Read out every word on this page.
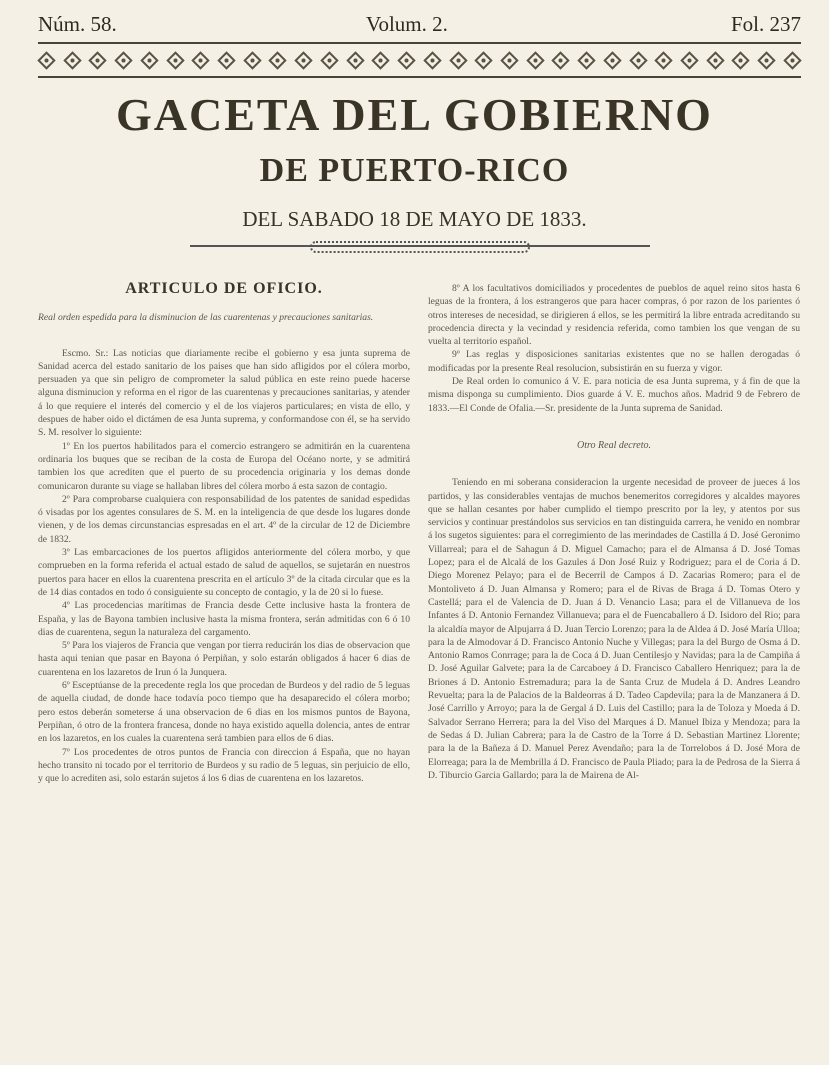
Núm. 58.	Volum. 2.	Fol. 237
GACETA DEL GOBIERNO
DE PUERTO-RICO
DEL SABADO 18 DE MAYO DE 1833.
ARTICULO DE OFICIO.
Real orden espedida para la disminucion de las cuarentenas y precauciones sanitarias.

Escmo. Sr.: Las noticias que diariamente recibe el gobierno y esa junta suprema de Sanidad acerca del estado sanitario de los paises que han sido afligidos por el cólera morbo, persuaden ya que sin peligro de comprometer la salud pública en este reino puede hacerse alguna disminucion y reforma en el rigor de las cuarentenas y precauciones sanitarias, y atender á lo que requiere el interés del comercio y el de los viajeros particulares; en vista de ello, y despues de haber oido el dictámen de esa Junta suprema, y conformandose con él, se ha servido S. M. resolver lo siguiente:

1º En los puertos habilitados para el comercio estrangero se admitirán en la cuarentena ordinaria los buques que se reciban de la costa de Europa del Océano norte, y se admitirá tambien los que acrediten que el puerto de su procedencia originaria y los demas donde comunicaron durante su viage se hallaban libres del cólera morbo á esta sazon de contagio.

2º Para comprobarse cualquiera con responsabilidad de los patentes de sanidad espedidas ó visadas por los agentes consulares de S. M. en la inteligencia de que desde los lugares donde vienen, y de los demas circunstancias espresadas en el art. 4º de la circular de 12 de Diciembre de 1832.

3º Las embarcaciones de los puertos afligidos anteriormente del cólera morbo, y que comprueben en la forma referida el actual estado de salud de aquellos, se sujetarán en nuestros puertos para hacer en ellos la cuarentena prescrita en el artículo 3º de la citada circular que es la de 14 dias contados en todo ó consiguiente su concepto de contagio, y la de 20 si lo fuese.

4º Las procedencias marítimas de Francia desde Cette inclusive hasta la frontera de España, y las de Bayona tambien inclusive hasta la misma frontera, serán admitidas con 6 ó 10 dias de cuarentena, segun la naturaleza del cargamento.

5º Para los viajeros de Francia que vengan por tierra reducirán los dias de observacion que hasta aqui tenian que pasar en Bayona ó Perpiñan, y solo estarán obligados á hacer 6 dias de cuarentena en los lazaretos de Irun ó la Junquera.

6º Esceptúanse de la precedente regla los que procedan de Burdeos y del radio de 5 leguas de aquella ciudad, de donde hace todavía poco tiempo que ha desaparecido el cólera morbo; pero estos deberán someterse á una observacion de 6 dias en los mismos puntos de Bayona, Perpiñan, ó otro de la frontera francesa, donde no haya existido aquella dolencia, antes de entrar en los lazaretos, en los cuales la cuarentena será tambien para ellos de 6 dias.

7º Los procedentes de otros puntos de Francia con direccion á España, que no hayan hecho transito ni tocado por el territorio de Burdeos y su radio de 5 leguas, sin perjuicio de ello, y que lo acrediten asi, solo estarán sujetos á los 6 dias de cuarentena en los lazaretos.

8º A los facultativos domiciliados y procedentes de pueblos de aquel reino sitos hasta 6 leguas de la frontera, á los estrangeros que para hacer compras, ó por razon de los parientes ó otros intereses de necesidad, se dirigieren á ellos, se les permitirá la libre entrada acreditando su procedencia directa y la vecindad y residencia referida, como tambien los que vengan de su vuelta al territorio español.

9º Las reglas y disposiciones sanitarias existentes que no se hallen derogadas ó modificadas por la presente Real resolucion, subsistirán en su fuerza y vigor.

De Real orden lo comunico á V. E. para noticia de esa Junta suprema, y á fin de que la misma disponga su cumplimiento. Dios guarde á V. E. muchos años. Madrid 9 de Febrero de 1833.—El Conde de Ofalia.—Sr. presidente de la Junta suprema de Sanidad.

Otro Real decreto.

Teniendo en mi soberana consideracion la urgente necesidad de proveer de jueces á los partidos, y las considerables ventajas de muchos benemeritos corregidores y alcaldes mayores que se hallan cesantes por haber cumplido el tiempo prescrito por la ley, y atentos por sus servicios y continuar prestándolos sus servicios en tan distinguida carrera, he venido en nombrar á los sugetos siguientes: para el corregimiento de las merindades de Castilla á D. José Geronimo Villarreal; para el de Sahagun á D. Miguel Camacho; para el de Almansa á D. José Tomas Lopez; para el de Alcalá de los Gazules á Don José Ruiz y Rodriguez; para el de Coria á D. Diego Morenez Pelayo; para el de Becerril de Campos á D. Zacarias Romero; para el de Montoliveto á D. Juan Almansa y Romero; para el de Rivas de Braga á D. Tomas Otero y Castellá; para el de Valencia de D. Juan á D. Venancio Lasa; para el de Villanueva de los Infantes á D. Antonio Fernandez Villanueva; para el de Fuencaballero á D. Isidoro del Rio; para la alcaldía mayor de Alpujarra á D. Juan Tercio Lorenzo; para la de Aldea á D. José María Ulloa; para la de Almodovar á D. Francisco Antonio Nuche y Villegas; para la del Burgo de Osma á D. Antonio Ramos Conrrage; para la de Coca á D. Juan Centilesjo y Navidas; para la de Campiña á D. José Aguilar Galvete; para la de Carcaboey á D. Francisco Caballero Henriquez; para la de Briones á D. Antonio Estremadura; para la de Santa Cruz de Mudela á D. Andres Leandro Revuelta; para la de Palacios de la Baldeorras á D. Tadeo Capdevila; para la de Manzanera á D. José Carrillo y Arroyo; para la de Gergal á D. Luis del Castillo; para la de Toloza y Moeda á D. Salvador Serrano Herrera; para la del Viso del Marques á D. Manuel Ibiza y Mendoza; para la de Sedas á D. Julian Cabrera; para la de Castro de la Torre á D. Sebastian Martinez Llorente; para la de la Bañeza á D. Manuel Perez Avendaño; para la de Torrelobos á D. José Mora de Elorreaga; para la de Membrilla á D. Francisco de Paula Pliado; para la de Pedrosa de la Sierra á D. Tiburcio Garcia Gallardo; para la de Mairena de Al-
